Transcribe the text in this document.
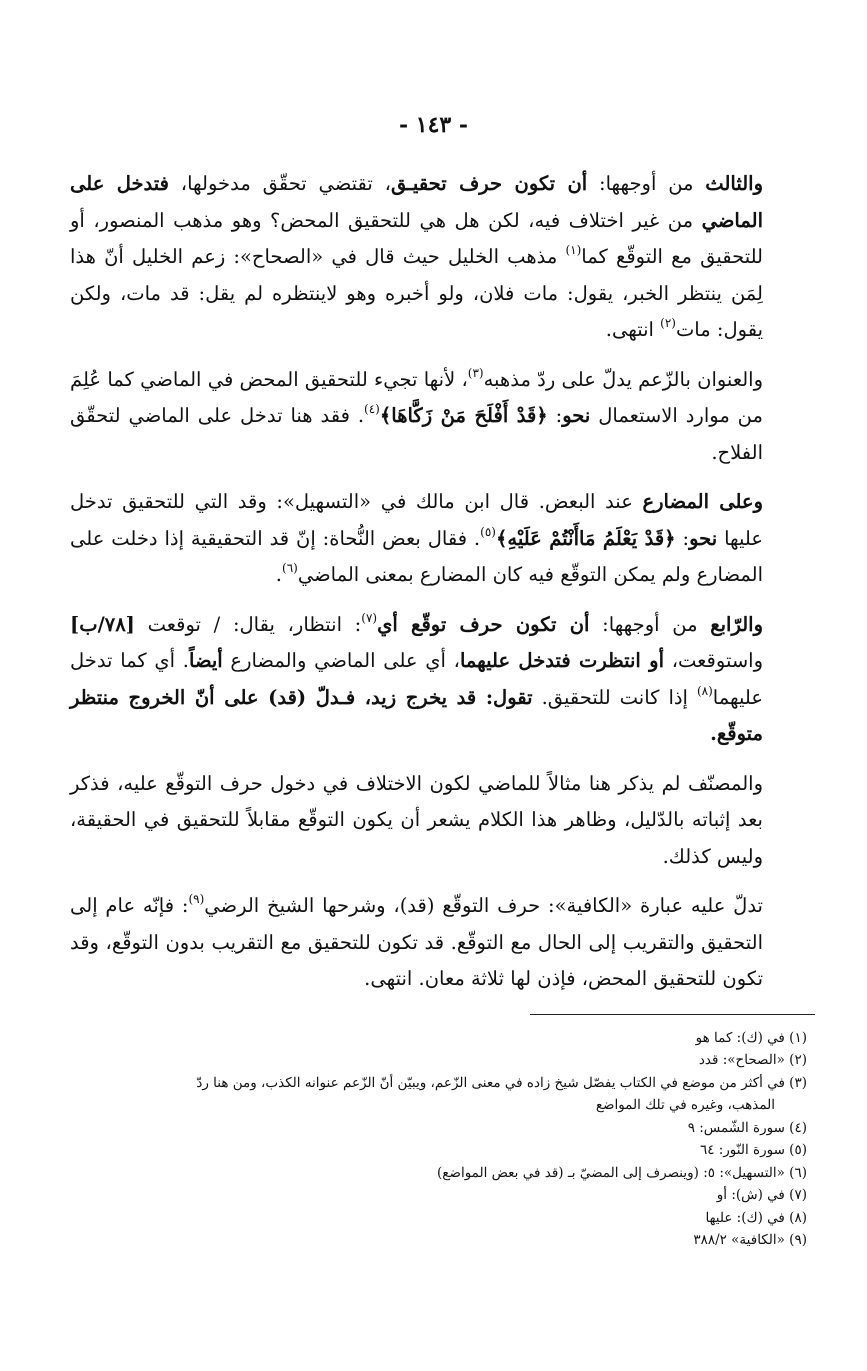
- ١٤٣ -

والثالث من أوجهها: أن تكون حرف تحقيـق، تقتضي تحقّق مدخولها، فتدخل على الماضي من غير اختلاف فيه، لكن هل هي للتحقيق المحض؟ وهو مذهب المنصور، أو للتحقيق مع التوقّع كما$^{(١)}$ مذهب الخليل حيث قال في «الصحاح»: زعم الخليل أنّ هذا لِمَن ينتظر الخبر، يقول: مات فلان، ولو أخبره وهو لاينتظره لم يقل: قد مات، ولكن يقول: مات$^{(٢)}$ انتهى.

والعنوان بالزّعم يدلّ على ردّ مذهبه$^{(٣)}$، لأنها تجيء للتحقيق المحض في الماضي كما عُلِمَ من موارد الاستعمال نحو: ﴿قَدْ أَفْلَحَ مَنْ زَكَّاهَا﴾$^{(٤)}$. فقد هنا تدخل على الماضي لتحقّق الفلاح.

وعلى المضارع عند البعض. قال ابن مالك في «التسهيل»: وقد التي للتحقيق تدخل عليها نحو: ﴿قَدْ يَعْلَمُ مَاأَنْتُمْ عَلَيْهِ﴾$^{(٥)}$. فقال بعض النُّحاة: إنّ قد التحقيقية إذا دخلت على المضارع ولم يمكن التوقّع فيه كان المضارع بمعنى الماضي$^{(٦)}$.

والرّابع من أوجهها: أن تكون حرف توقّع أي$^{(٧)}$: انتظار، يقال: / توقعت [٧٨/ب] واستوقعت، أو انتظرت فتدخل عليهما، أي على الماضي والمضارع أيضاً. أي كما تدخل عليهما$^{(٨)}$ إذا كانت للتحقيق. تقول: قد يخرج زيد، فـدلّ (قد) على أنّ الخروج منتظر متوقّع.

والمصنّف لم يذكر هنا مثالاً للماضي لكون الاختلاف في دخول حرف التوقّع عليه، فذكر بعد إثباته بالدّليل، وظاهر هذا الكلام يشعر أن يكون التوقّع مقابلاً للتحقيق في الحقيقة، وليس كذلك.

تدلّ عليه عبارة «الكافية»: حرف التوقّع (قد)، وشرحها الشيخ الرضي$^{(٩)}$: فإنّه عام إلى التحقيق والتقريب إلى الحال مع التوقّع. قد تكون للتحقيق مع التقريب بدون التوقّع، وقد تكون للتحقيق المحض، فإذن لها ثلاثة معان. انتهى.

(١) في (ك): كما هو

(٢) «الصحاح»: قدد

(٣) في أكثر من موضع في الكتاب يفصّل شيخ زاده في معنى الزّعم، ويبيّن أنّ الزّعم عنوانه الكذب، ومن هنا ردّ

المذهب، وغيره في تلك المواضع

(٤) سورة الشّمس: ٩

(٥) سورة النّور: ٦٤

(٦) «التسهيل»: ٥: (وينصرف إلى المضيّ بـ (قد في بعض المواضع)

(٧) في (ش): أو

(٨) في (ك): عليها

(٩) «الكافية» ٣٨٨/٢
